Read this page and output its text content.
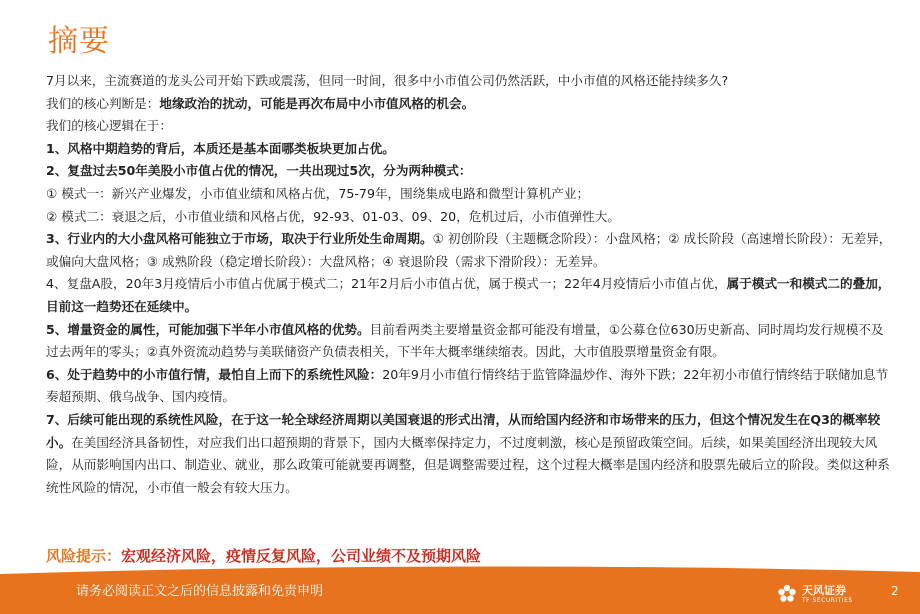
摘要

7月以来，主流赛道的龙头公司开始下跌或震荡，但同一时间，很多中小市值公司仍然活跃，中小市值的风格还能持续多久?

我们的核心判断是：地缘政治的扰动，可能是再次布局中小市值风格的机会。

我们的核心逻辑在于：

1、风格中期趋势的背后，本质还是基本面哪类板块更加占优。

2、复盘过去50年美股小市值占优的情况，一共出现过5次，分为两种模式：

① 模式一：新兴产业爆发，小市值业绩和风格占优，75-79年，围绕集成电路和微型计算机产业；

② 模式二：衰退之后，小市值业绩和风格占优，92-93、01-03、09、20，危机过后，小市值弹性大。

3、行业内的大小盘风格可能独立于市场，取决于行业所处生命周期。① 初创阶段（主题概念阶段）：小盘风格；② 成长阶段（高速增长阶段）：无差异，或偏向大盘风格；③ 成熟阶段（稳定增长阶段）：大盘风格；④ 衰退阶段（需求下滑阶段）：无差异。

4、复盘A股，20年3月疫情后小市值占优属于模式二；21年2月后小市值占优，属于模式一；22年4月疫情后小市值占优，属于模式一和模式二的叠加，目前这一趋势还在延续中。

5、增量资金的属性，可能加强下半年小市值风格的优势。目前看两类主要增量资金都可能没有增量，①公募仓位630历史新高、同时周均发行规模不及过去两年的零头；②真外资流动趋势与美联储资产负债表相关，下半年大概率继续缩表。因此，大市值股票增量资金有限。

6、处于趋势中的小市值行情，最怕自上而下的系统性风险：20年9月小市值行情终结于监管降温炒作、海外下跌；22年初小市值行情终结于联储加息节奏超预期、俄乌战争、国内疫情。

7、后续可能出现的系统性风险，在于这一轮全球经济周期以美国衰退的形式出清，从而给国内经济和市场带来的压力，但这个情况发生在Q3的概率较小。在美国经济具备韧性，对应我们出口超预期的背景下，国内大概率保持定力，不过度刺激，核心是预留政策空间。后续，如果美国经济出现较大风险，从而影响国内出口、制造业、就业，那么政策可能就要再调整，但是调整需要过程，这个过程大概率是国内经济和股票先破后立的阶段。类似这种系统性风险的情况，小市值一般会有较大压力。

风险提示：宏观经济风险，疫情反复风险，公司业绩不及预期风险
请务必阅读正文之后的信息披露和免责申明	天风证券
TF SECURITIES
2
